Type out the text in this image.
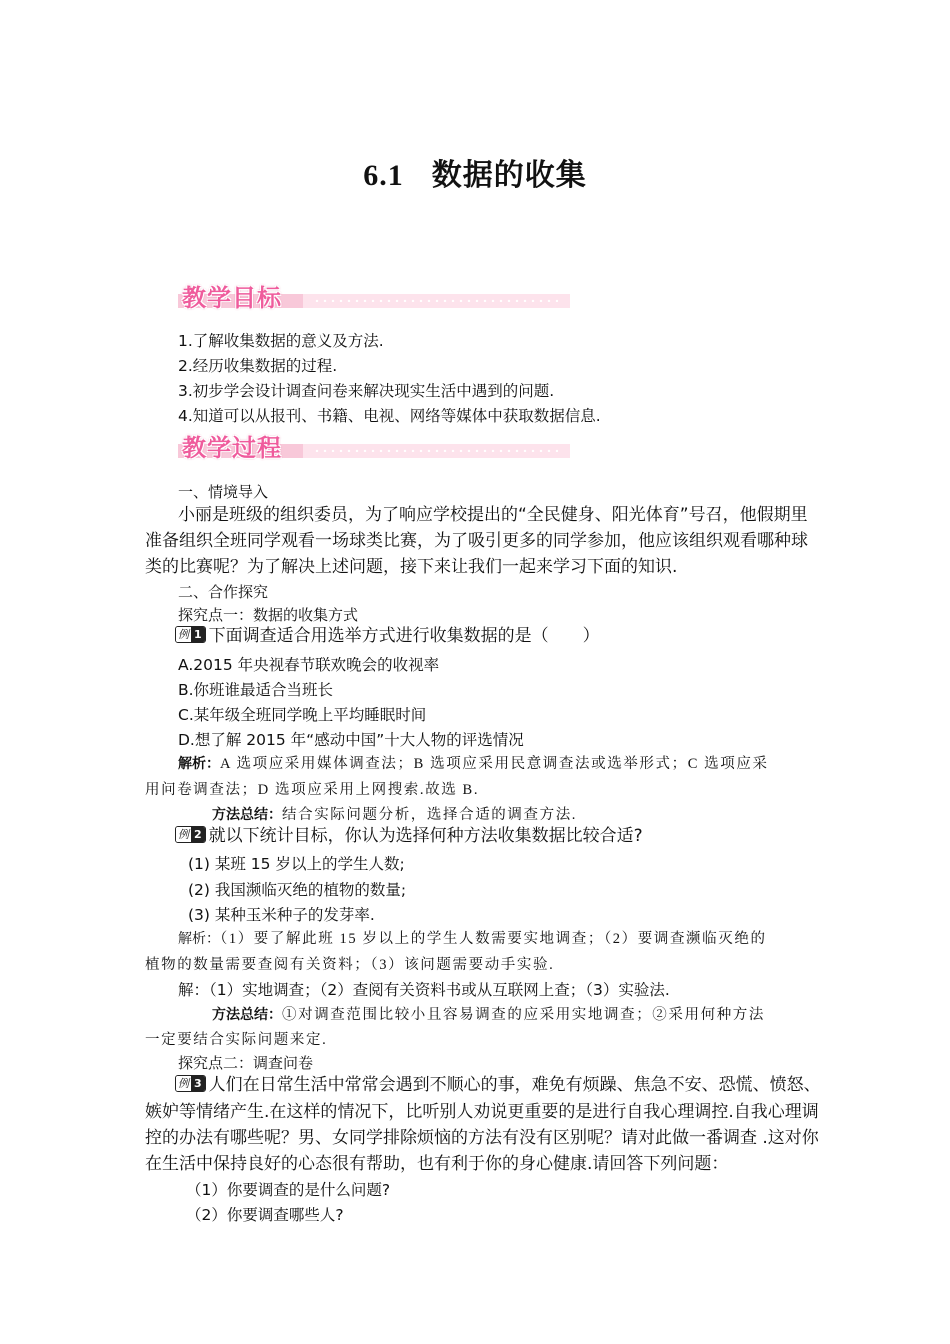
6.1 数据的收集
教学目标
1.了解收集数据的意义及方法.
2.经历收集数据的过程.
3.初步学会设计调查问卷来解决现实生活中遇到的问题.
4.知道可以从报刊、书籍、电视、网络等媒体中获取数据信息.
教学过程
一、情境导入
小丽是班级的组织委员，为了响应学校提出的“全民健身、阳光体育”号召，他假期里
准备组织全班同学观看一场球类比赛，为了吸引更多的同学参加，他应该组织观看哪种球
类的比赛呢？为了解决上述问题，接下来让我们一起来学习下面的知识.
二、合作探究
探究点一：数据的收集方式
例 1 下面调查适合用选举方式进行收集数据的是（　　）
A.2015 年央视春节联欢晚会的收视率
B.你班谁最适合当班长
C.某年级全班同学晚上平均睡眠时间
D.想了解 2015 年“感动中国”十大人物的评选情况
解析：A 选项应采用媒体调查法；B 选项应采用民意调查法或选举形式；C 选项应采
用问卷调查法；D 选项应采用上网搜索.故选 B.
方法总结：结合实际问题分析，选择合适的调查方法.
例 2 就以下统计目标，你认为选择何种方法收集数据比较合适?
(1) 某班 15 岁以上的学生人数;
(2) 我国濒临灭绝的植物的数量;
(3) 某种玉米种子的发芽率.
解析：（1）要了解此班 15 岁以上的学生人数需要实地调查；（2）要调查濒临灭绝的
植物的数量需要查阅有关资料；（3）该问题需要动手实验.
解：（1）实地调查；（2）查阅有关资料书或从互联网上查；（3）实验法.
方法总结：①对调查范围比较小且容易调查的应采用实地调查；②采用何种方法
一定要结合实际问题来定.
探究点二：调查问卷
例 3 人们在日常生活中常常会遇到不顺心的事，难免有烦躁、焦急不安、恐慌、愤怒、
嫉妒等情绪产生.在这样的情况下，比听别人劝说更重要的是进行自我心理调控.自我心理调
控的办法有哪些呢？男、女同学排除烦恼的方法有没有区别呢？请对此做一番调查 .这对你
在生活中保持良好的心态很有帮助，也有利于你的身心健康.请回答下列问题：
（1）你要调查的是什么问题?
（2）你要调查哪些人?
